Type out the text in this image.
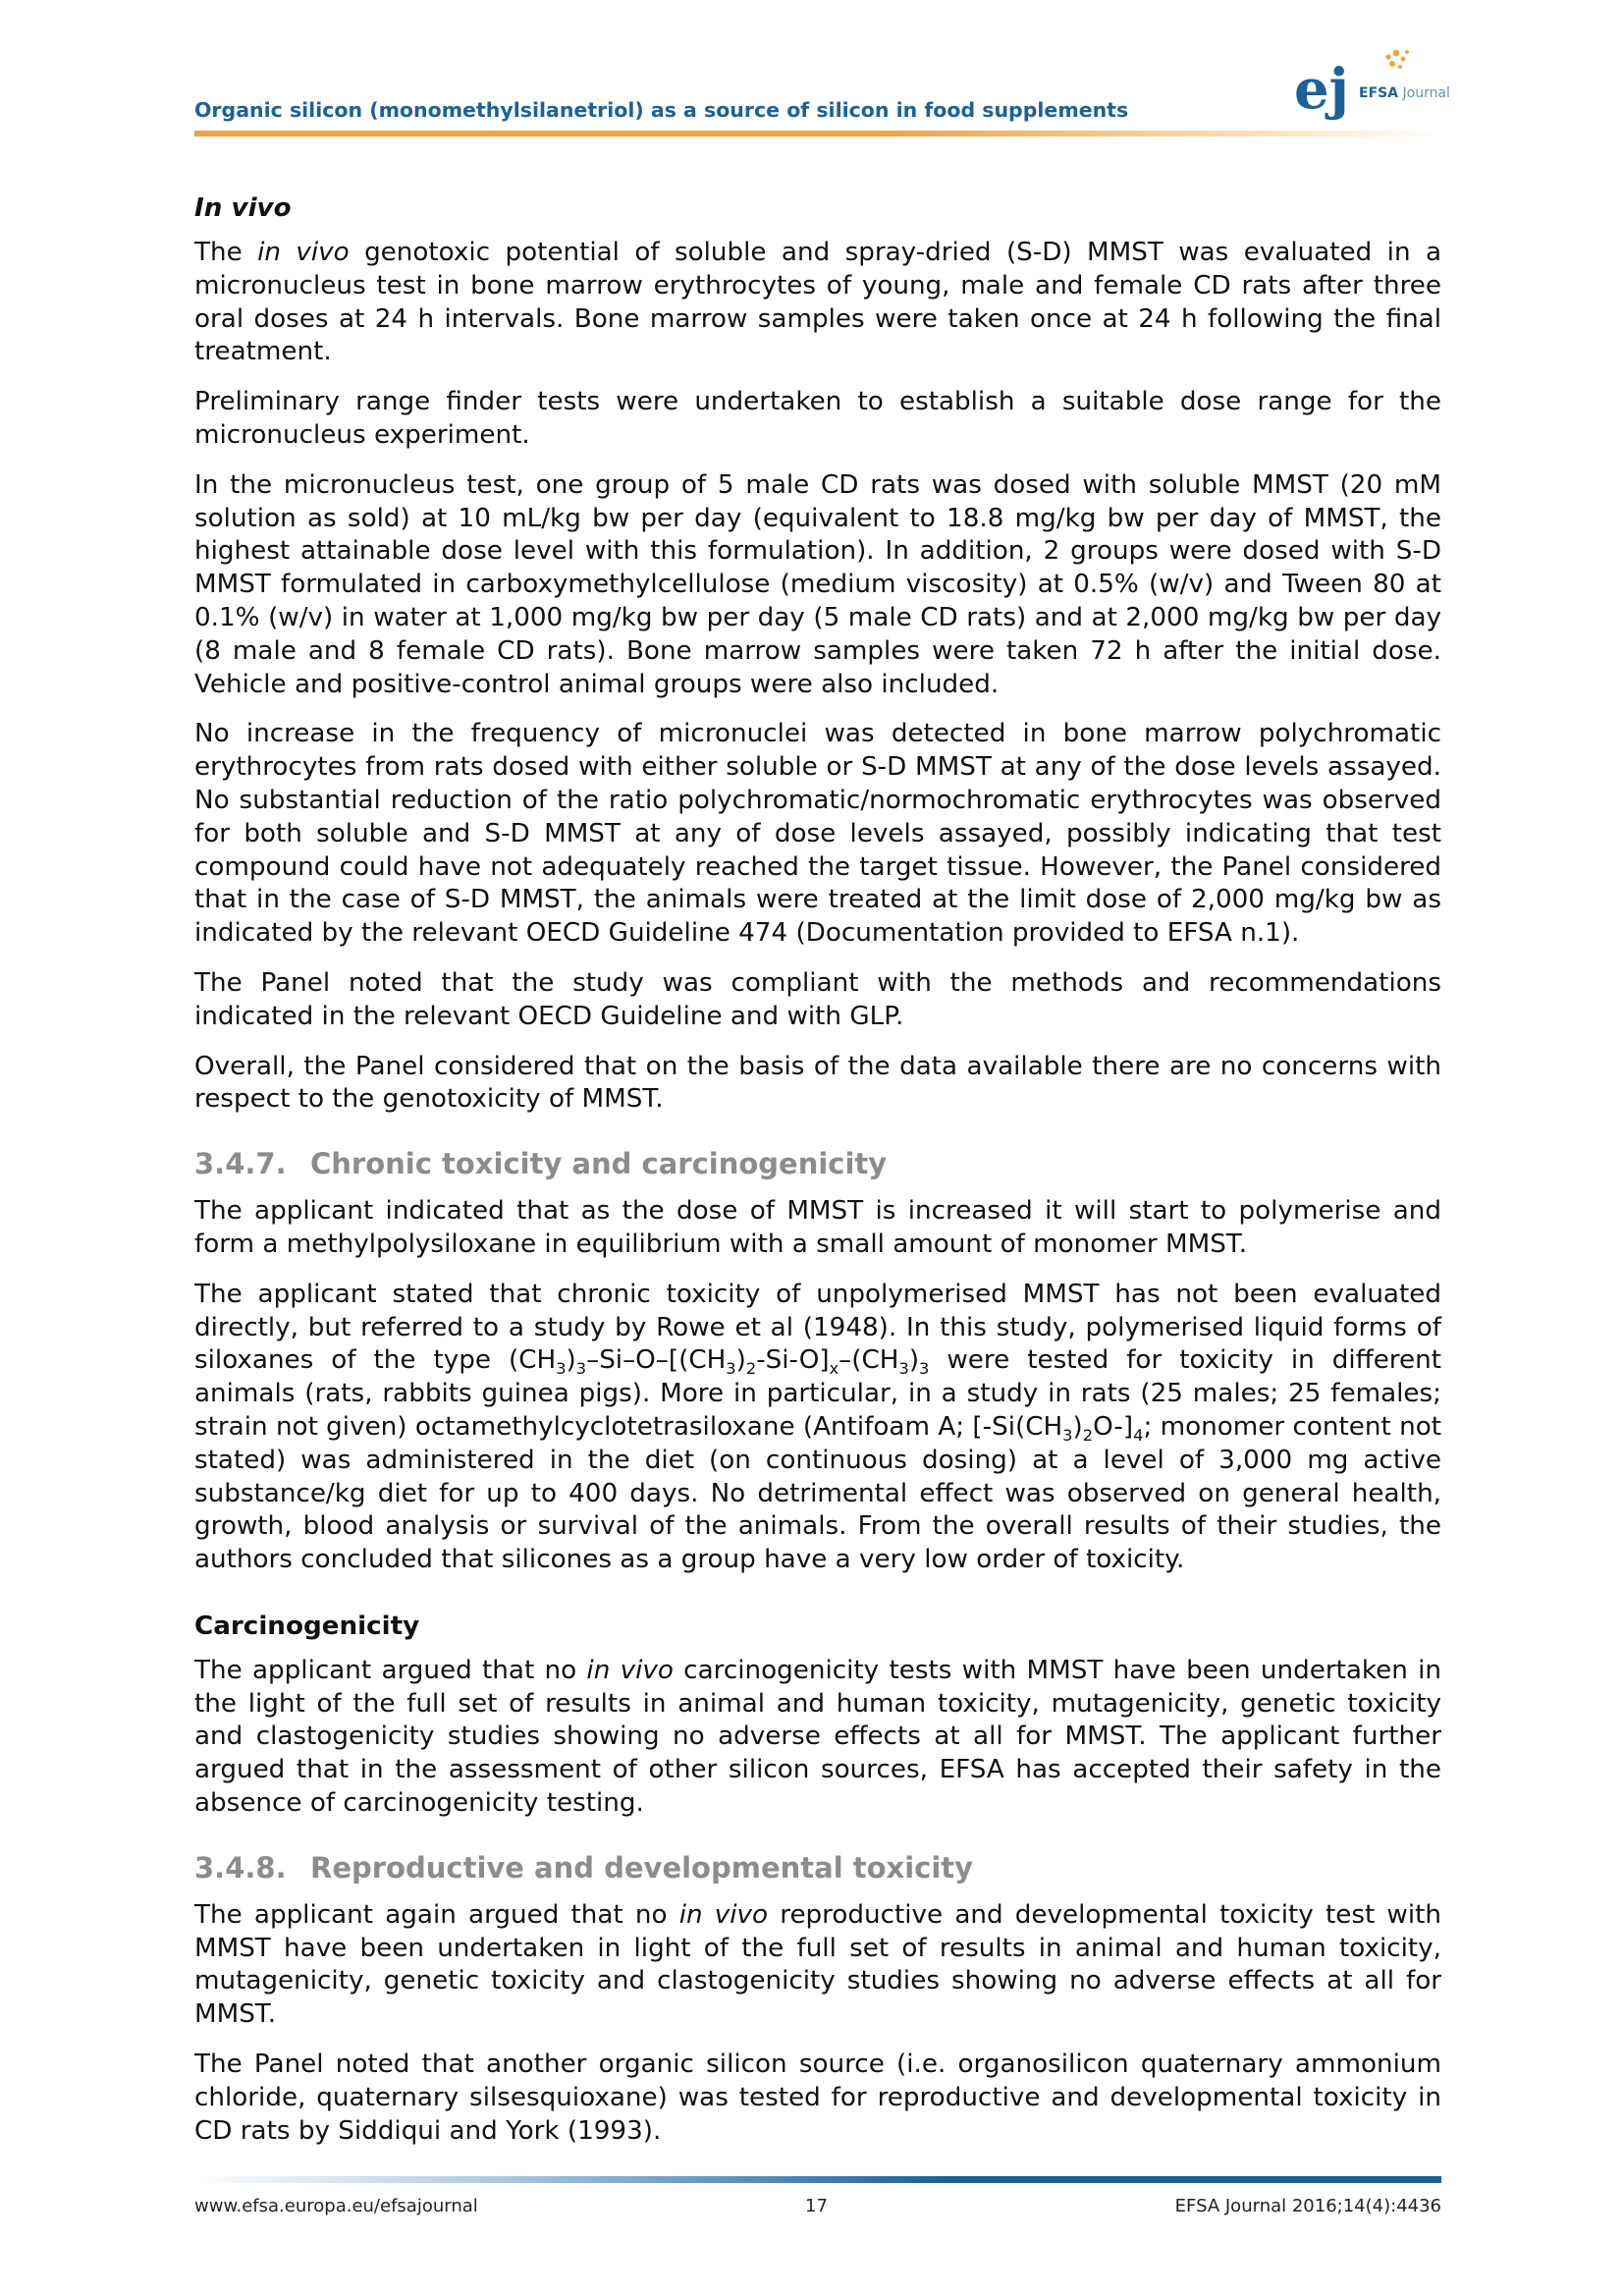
Organic silicon (monomethylsilanetriol) as a source of silicon in food supplements	ej EFSA Journal
In vivo

The in vivo genotoxic potential of soluble and spray-dried (S-D) MMST was evaluated in a micronucleus test in bone marrow erythrocytes of young, male and female CD rats after three oral doses at 24 h intervals. Bone marrow samples were taken once at 24 h following the final treatment.

Preliminary range finder tests were undertaken to establish a suitable dose range for the micronucleus experiment.

In the micronucleus test, one group of 5 male CD rats was dosed with soluble MMST (20 mM solution as sold) at 10 mL/kg bw per day (equivalent to 18.8 mg/kg bw per day of MMST, the highest attainable dose level with this formulation). In addition, 2 groups were dosed with S-D MMST formulated in carboxymethylcellulose (medium viscosity) at 0.5% (w/v) and Tween 80 at 0.1% (w/v) in water at 1,000 mg/kg bw per day (5 male CD rats) and at 2,000 mg/kg bw per day (8 male and 8 female CD rats). Bone marrow samples were taken 72 h after the initial dose. Vehicle and positive-control animal groups were also included.

No increase in the frequency of micronuclei was detected in bone marrow polychromatic erythrocytes from rats dosed with either soluble or S-D MMST at any of the dose levels assayed. No substantial reduction of the ratio polychromatic/normochromatic erythrocytes was observed for both soluble and S-D MMST at any of dose levels assayed, possibly indicating that test compound could have not adequately reached the target tissue. However, the Panel considered that in the case of S-D MMST, the animals were treated at the limit dose of 2,000 mg/kg bw as indicated by the relevant OECD Guideline 474 (Documentation provided to EFSA n.1).

The Panel noted that the study was compliant with the methods and recommendations indicated in the relevant OECD Guideline and with GLP.

Overall, the Panel considered that on the basis of the data available there are no concerns with respect to the genotoxicity of MMST.

3.4.7. Chronic toxicity and carcinogenicity

The applicant indicated that as the dose of MMST is increased it will start to polymerise and form a methylpolysiloxane in equilibrium with a small amount of monomer MMST.

The applicant stated that chronic toxicity of unpolymerised MMST has not been evaluated directly, but referred to a study by Rowe et al (1948). In this study, polymerised liquid forms of siloxanes of the type $(CH_3)_3-Si-O-[(CH_3)_2-Si-O]_x-(CH_3)_3$ were tested for toxicity in different animals (rats, rabbits guinea pigs). More in particular, in a study in rats (25 males; 25 females; strain not given) octamethylcyclotetrasiloxane (Antifoam A; $[-Si(CH_3)_2O-]_4$; monomer content not stated) was administered in the diet (on continuous dosing) at a level of 3,000 mg active substance/kg diet for up to 400 days. No detrimental effect was observed on general health, growth, blood analysis or survival of the animals. From the overall results of their studies, the authors concluded that silicones as a group have a very low order of toxicity.

Carcinogenicity

The applicant argued that no in vivo carcinogenicity tests with MMST have been undertaken in the light of the full set of results in animal and human toxicity, mutagenicity, genetic toxicity and clastogenicity studies showing no adverse effects at all for MMST. The applicant further argued that in the assessment of other silicon sources, EFSA has accepted their safety in the absence of carcinogenicity testing.

3.4.8. Reproductive and developmental toxicity

The applicant again argued that no in vivo reproductive and developmental toxicity test with MMST have been undertaken in light of the full set of results in animal and human toxicity, mutagenicity, genetic toxicity and clastogenicity studies showing no adverse effects at all for MMST.

The Panel noted that another organic silicon source (i.e. organosilicon quaternary ammonium chloride, quaternary silsesquioxane) was tested for reproductive and developmental toxicity in CD rats by Siddiqui and York (1993).

www.efsa.europa.eu/efsajournal	17	EFSA Journal 2016;14(4):4436
